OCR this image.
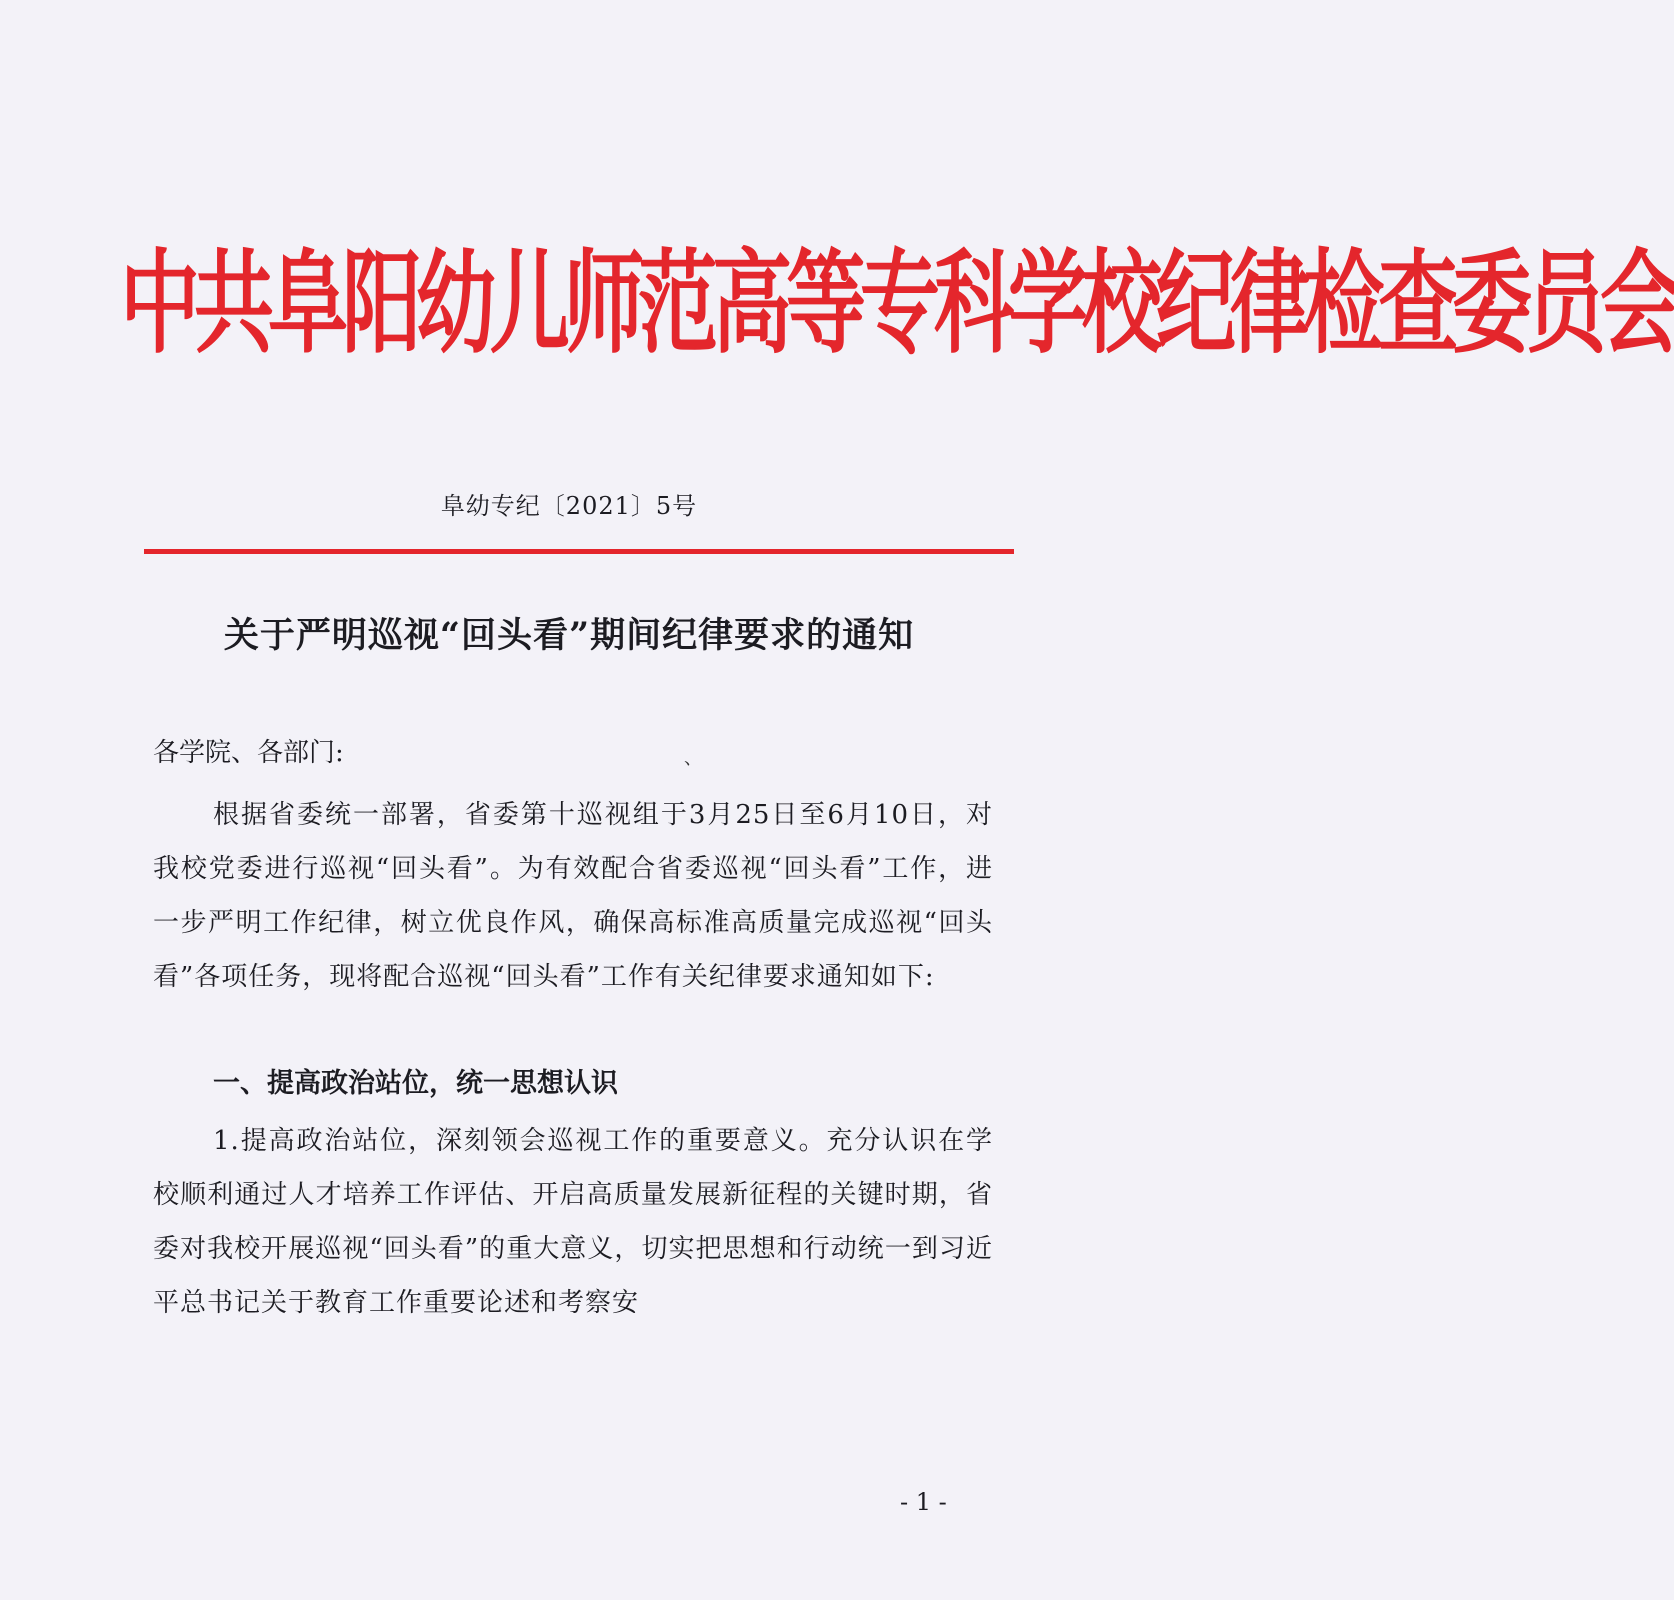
中共阜阳幼儿师范高等专科学校纪律检查委员会
阜幼专纪〔2021〕5号
关于严明巡视“回头看”期间纪律要求的通知
各学院、各部门:	、
根据省委统一部署，省委第十巡视组于3月25日至6月10日，对我校党委进行巡视“回头看”。为有效配合省委巡视“回头看”工作，进一步严明工作纪律，树立优良作风，确保高标准高质量完成巡视“回头看”各项任务，现将配合巡视“回头看”工作有关纪律要求通知如下:
一、提高政治站位，统一思想认识
1.提高政治站位，深刻领会巡视工作的重要意义。充分认识在学校顺利通过人才培养工作评估、开启高质量发展新征程的关键时期，省委对我校开展巡视“回头看”的重大意义，切实把思想和行动统一到习近平总书记关于教育工作重要论述和考察安
- 1 -
